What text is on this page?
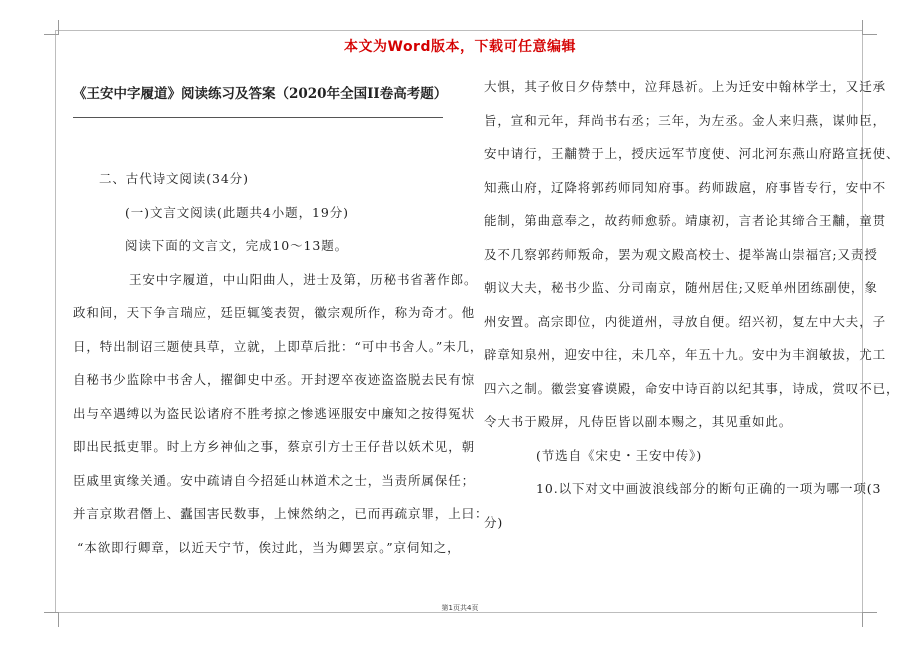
本文为Word版本，下载可任意编辑
《王安中字履道》阅读练习及答案（2020年全国II卷高考题）
二、古代诗文阅读(34分)
(一)文言文阅读(此题共4小题，19分)
阅读下面的文言文，完成10～13题。
王安中字履道，中山阳曲人，进士及第，历秘书省著作郎。
政和间，天下争言瑞应，廷臣辄笺表贺，徽宗观所作，称为奇才。他
日，特出制诏三题使具草，立就，上即草后批：“可中书舍人。”未几，
自秘书少监除中书舍人，擢御史中丞。开封逻卒夜迹盗盗脱去民有惊
出与卒遇缚以为盗民讼诸府不胜考掠之惨逃诬服安中廉知之按得冤状
即出民抵吏罪。时上方乡神仙之事，蔡京引方士王仔昔以妖术见，朝
臣戚里寅缘关通。安中疏请自今招延山林道术之士，当责所属保任；
并言京欺君僭上、蠹国害民数事，上悚然纳之，已而再疏京罪，上曰：
“本欲即行卿章，以近天宁节，俟过此，当为卿罢京。”京伺知之，
大惧，其子攸日夕侍禁中，泣拜恳祈。上为迁安中翰林学士，又迁承
旨，宣和元年，拜尚书右丞；三年，为左丞。金人来归燕，谋帅臣，
安中请行，王黼赞于上，授庆远军节度使、河北河东燕山府路宣抚使、
知燕山府，辽降将郭药师同知府事。药师跋扈，府事皆专行，安中不
能制，第曲意奉之，故药师愈骄。靖康初，言者论其缔合王黼，童贯
及不几察郭药师叛命，罢为观文殿高校士、提举嵩山崇福宫;又责授
朝议大夫，秘书少监、分司南京，随州居住;又贬单州团练副使，象
州安置。高宗即位，内徙道州，寻放自便。绍兴初，复左中大夫，子
辟章知泉州，迎安中往，未几卒，年五十九。安中为丰润敏拔，尤工
四六之制。徽尝宴睿谟殿，命安中诗百韵以纪其事，诗成，赏叹不已，
令大书于殿屏，凡侍臣皆以副本赐之，其见重如此。
(节选自《宋史・王安中传》)
10.以下对文中画波浪线部分的断句正确的一项为哪一项(3
分)
第1页共4页
